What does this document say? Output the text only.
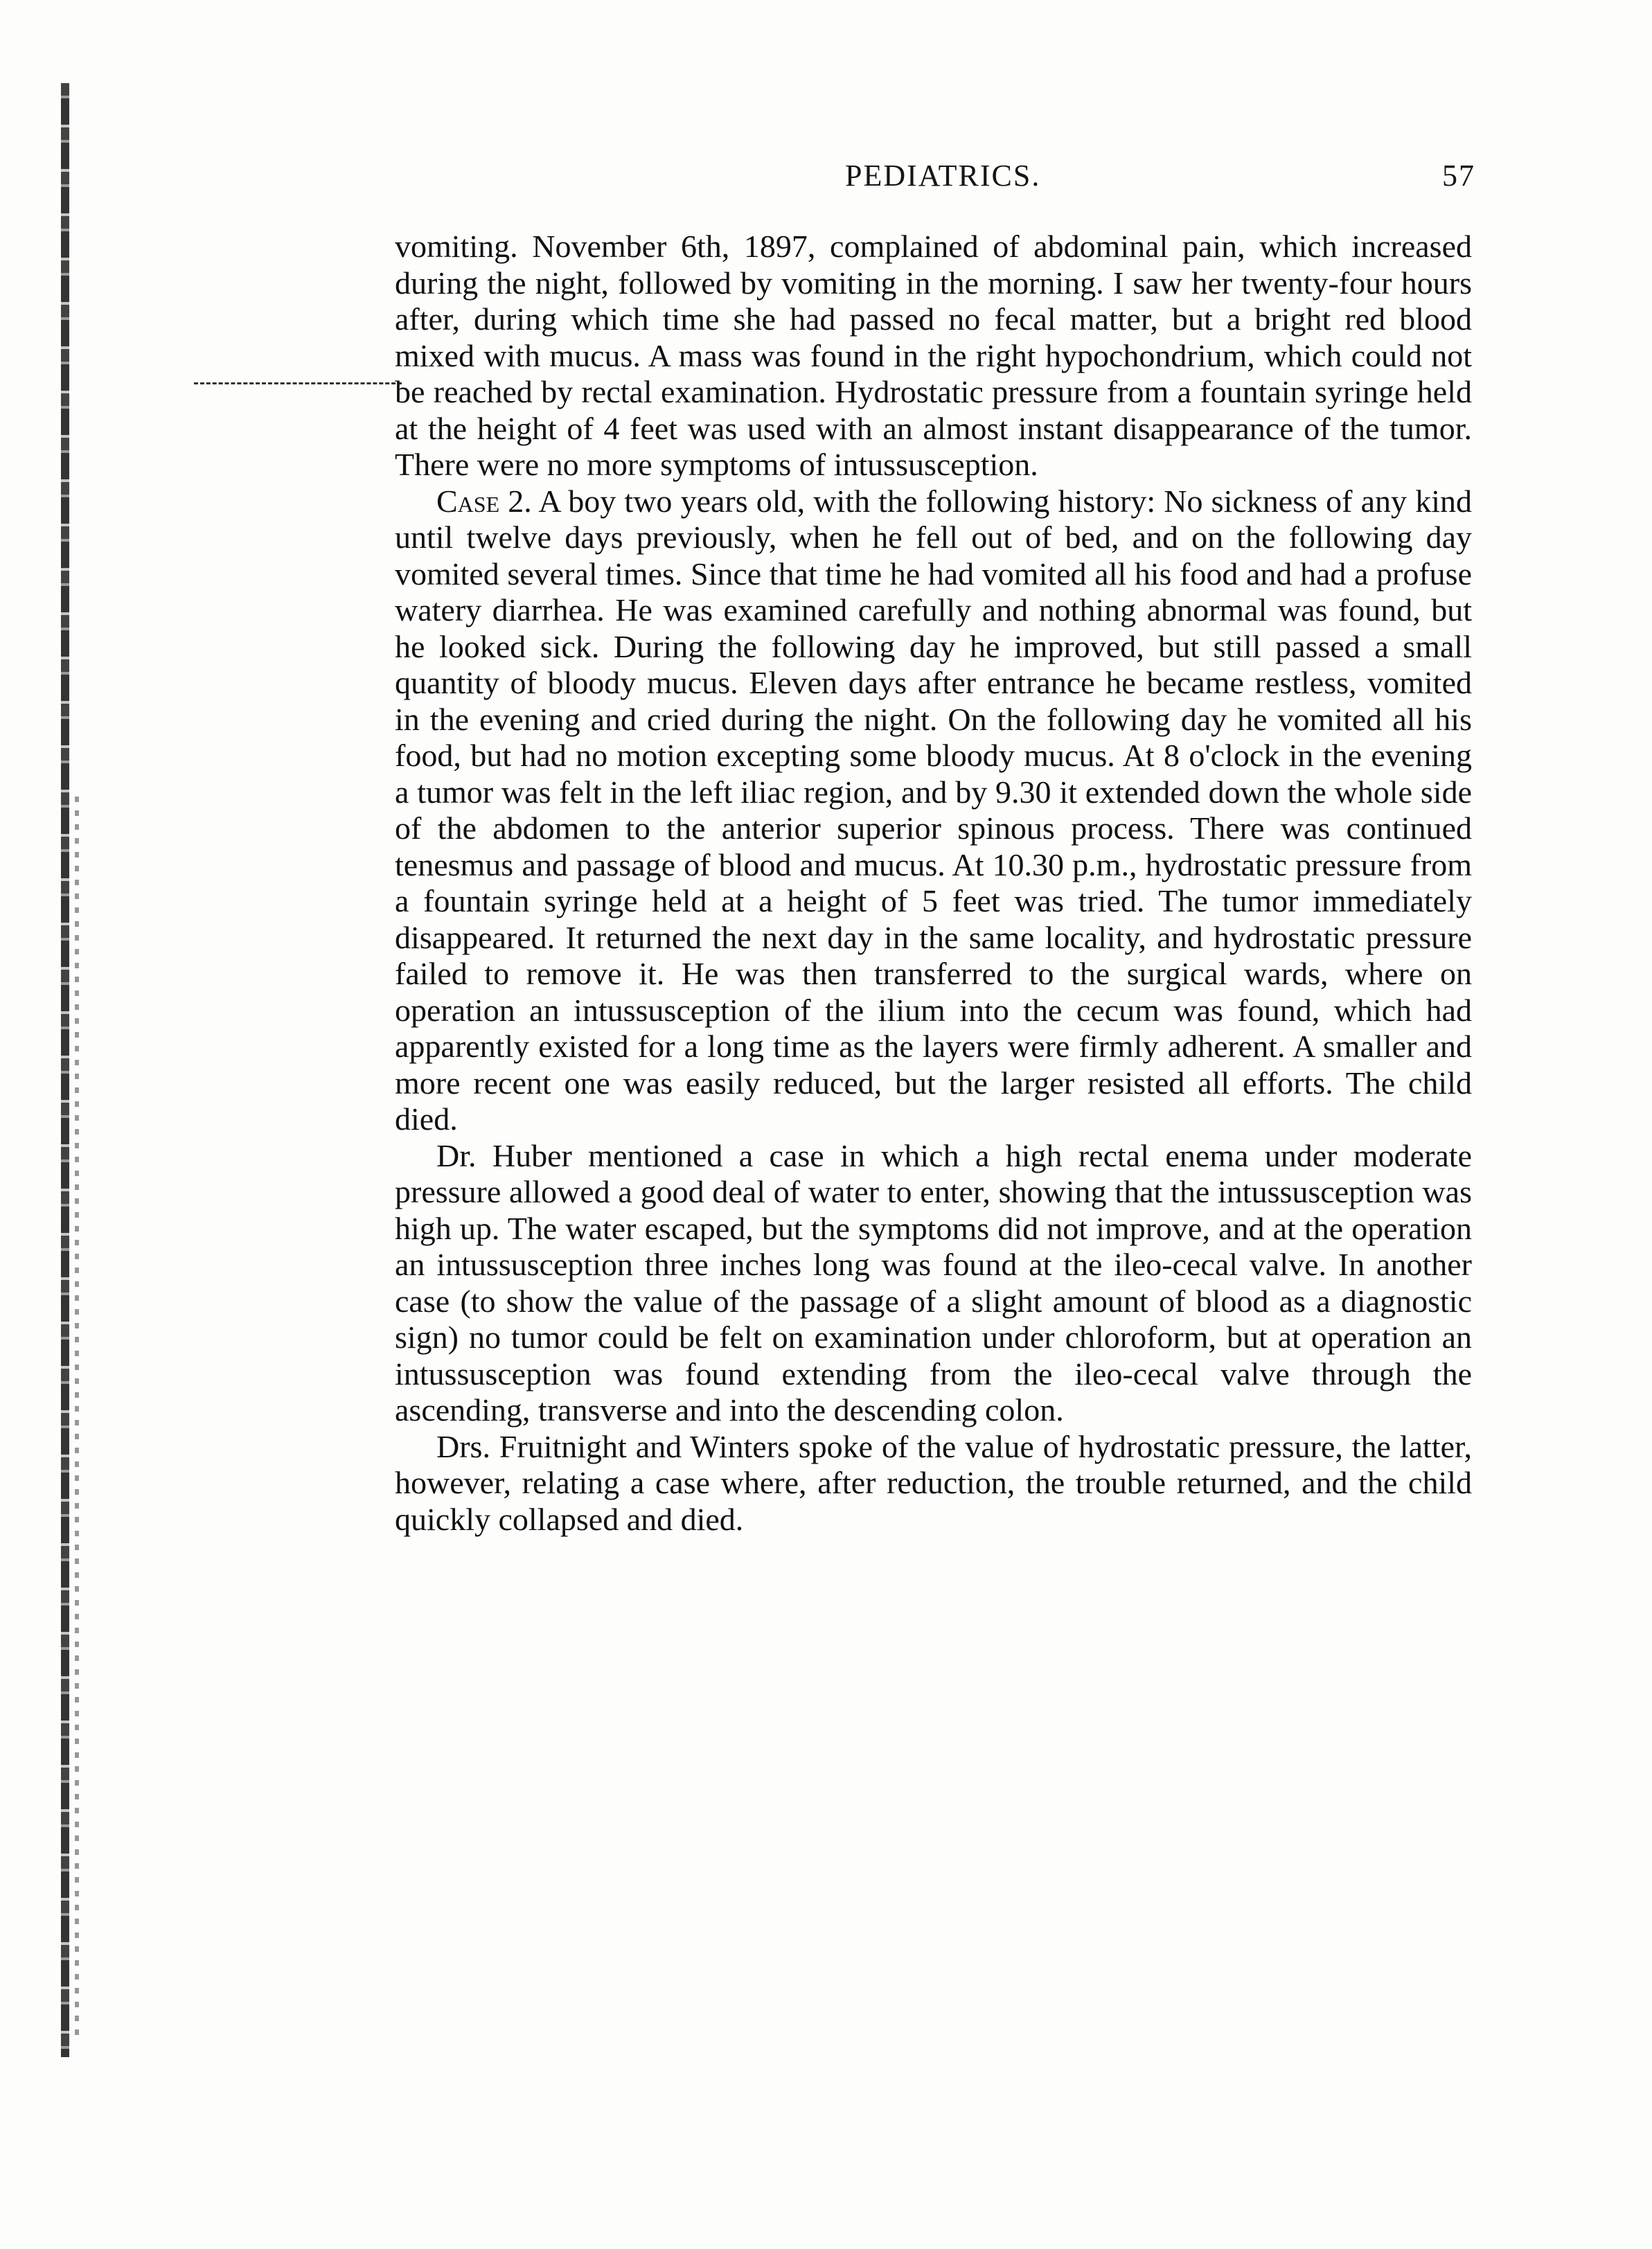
PEDIATRICS.	57

vomiting. November 6th, 1897, complained of abdominal pain, which increased during the night, followed by vomiting in the morning. I saw her twenty-four hours after, during which time she had passed no fecal matter, but a bright red blood mixed with mucus. A mass was found in the right hypochondrium, which could not be reached by rectal examination. Hydrostatic pressure from a fountain syringe held at the height of 4 feet was used with an almost instant disappearance of the tumor. There were no more symptoms of intussusception.

Case 2. A boy two years old, with the following history: No sickness of any kind until twelve days previously, when he fell out of bed, and on the following day vomited several times. Since that time he had vomited all his food and had a profuse watery diarrhea. He was examined carefully and nothing abnormal was found, but he looked sick. During the following day he improved, but still passed a small quantity of bloody mucus. Eleven days after entrance he became restless, vomited in the evening and cried during the night. On the following day he vomited all his food, but had no motion excepting some bloody mucus. At 8 o'clock in the evening a tumor was felt in the left iliac region, and by 9.30 it extended down the whole side of the abdomen to the anterior superior spinous process. There was continued tenesmus and passage of blood and mucus. At 10.30 p.m., hydrostatic pressure from a fountain syringe held at a height of 5 feet was tried. The tumor immediately disappeared. It returned the next day in the same locality, and hydrostatic pressure failed to remove it. He was then transferred to the surgical wards, where on operation an intussusception of the ilium into the cecum was found, which had apparently existed for a long time as the layers were firmly adherent. A smaller and more recent one was easily reduced, but the larger resisted all efforts. The child died.

Dr. Huber mentioned a case in which a high rectal enema under moderate pressure allowed a good deal of water to enter, showing that the intussusception was high up. The water escaped, but the symptoms did not improve, and at the operation an intussusception three inches long was found at the ileo-cecal valve. In another case (to show the value of the passage of a slight amount of blood as a diagnostic sign) no tumor could be felt on examination under chloroform, but at operation an intussusception was found extending from the ileo-cecal valve through the ascending, transverse and into the descending colon.

Drs. Fruitnight and Winters spoke of the value of hydrostatic pressure, the latter, however, relating a case where, after reduction, the trouble returned, and the child quickly collapsed and died.
